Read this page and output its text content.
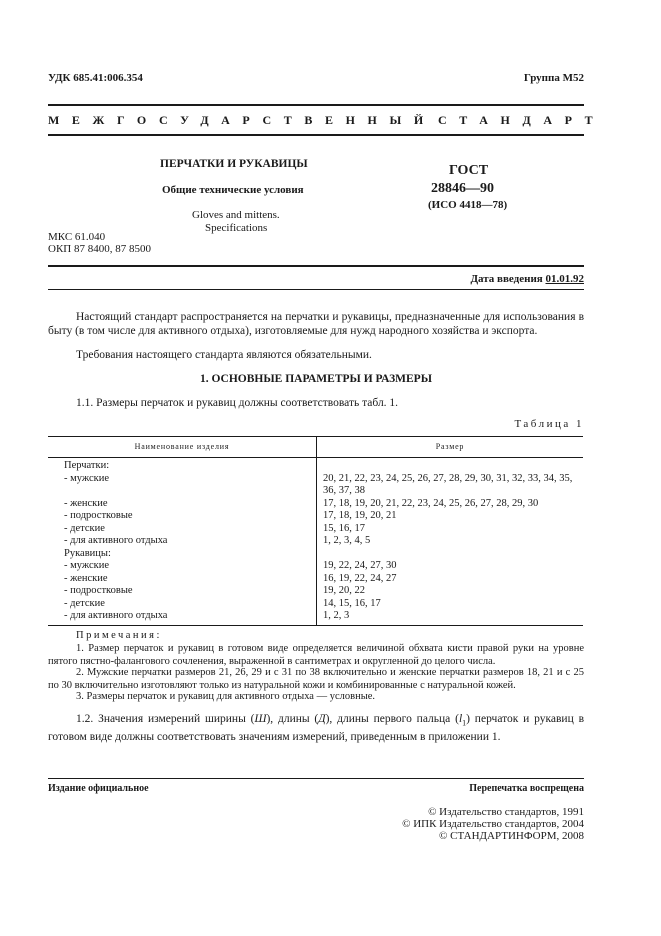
УДК 685.41:006.354	Группа М52
МЕЖГОСУДАРСТВЕННЫЙ СТАНДАРТ
ПЕРЧАТКИ И РУКАВИЦЫ
Общие технические условия
Gloves and mittens.
Specifications
ГОСТ
28846—90
(ИСО 4418—78)
МКС 61.040
ОКП 87 8400, 87 8500
Дата введения 01.01.92
Настоящий стандарт распространяется на перчатки и рукавицы, предназначенные для использования в быту (в том числе для активного отдыха), изготовляемые для нужд народного хозяйства и экспорта.
Требования настоящего стандарта являются обязательными.
1. ОСНОВНЫЕ ПАРАМЕТРЫ И РАЗМЕРЫ
1.1. Размеры перчаток и рукавиц должны соответствовать табл. 1.
Таблица 1
Наименование изделия	Размер
Перчатки:	
- мужские	20, 21, 22, 23, 24, 25, 26, 27, 28, 29, 30, 31, 32, 33, 34, 35, 36, 37, 38
- женские	17, 18, 19, 20, 21, 22, 23, 24, 25, 26, 27, 28, 29, 30
- подростковые	17, 18, 19, 20, 21
- детские	15, 16, 17
- для активного отдыха	1, 2, 3, 4, 5
Рукавицы:	
- мужские	19, 22, 24, 27, 30
- женские	16, 19, 22, 24, 27
- подростковые	19, 20, 22
- детские	14, 15, 16, 17
- для активного отдыха	1, 2, 3
Примечания:
1. Размер перчаток и рукавиц в готовом виде определяется величиной обхвата кисти правой руки на уровне пятого пястно-фалангового сочленения, выраженной в сантиметрах и округленной до целого числа.
2. Мужские перчатки размеров 21, 26, 29 и с 31 по 38 включительно и женские перчатки размеров 18, 21 и с 25 по 30 включительно изготовляют только из натуральной кожи и комбинированные с натуральной кожей.
3. Размеры перчаток и рукавиц для активного отдыха — условные.
1.2. Значения измерений ширины (Ш), длины (Д), длины первого пальца $(l_1)$ перчаток и рукавиц в готовом виде должны соответствовать значениям измерений, приведенным в приложении 1.
Издание официальное	Перепечатка воспрещена
© Издательство стандартов, 1991
© ИПК Издательство стандартов, 2004
© СТАНДАРТИНФОРМ, 2008
